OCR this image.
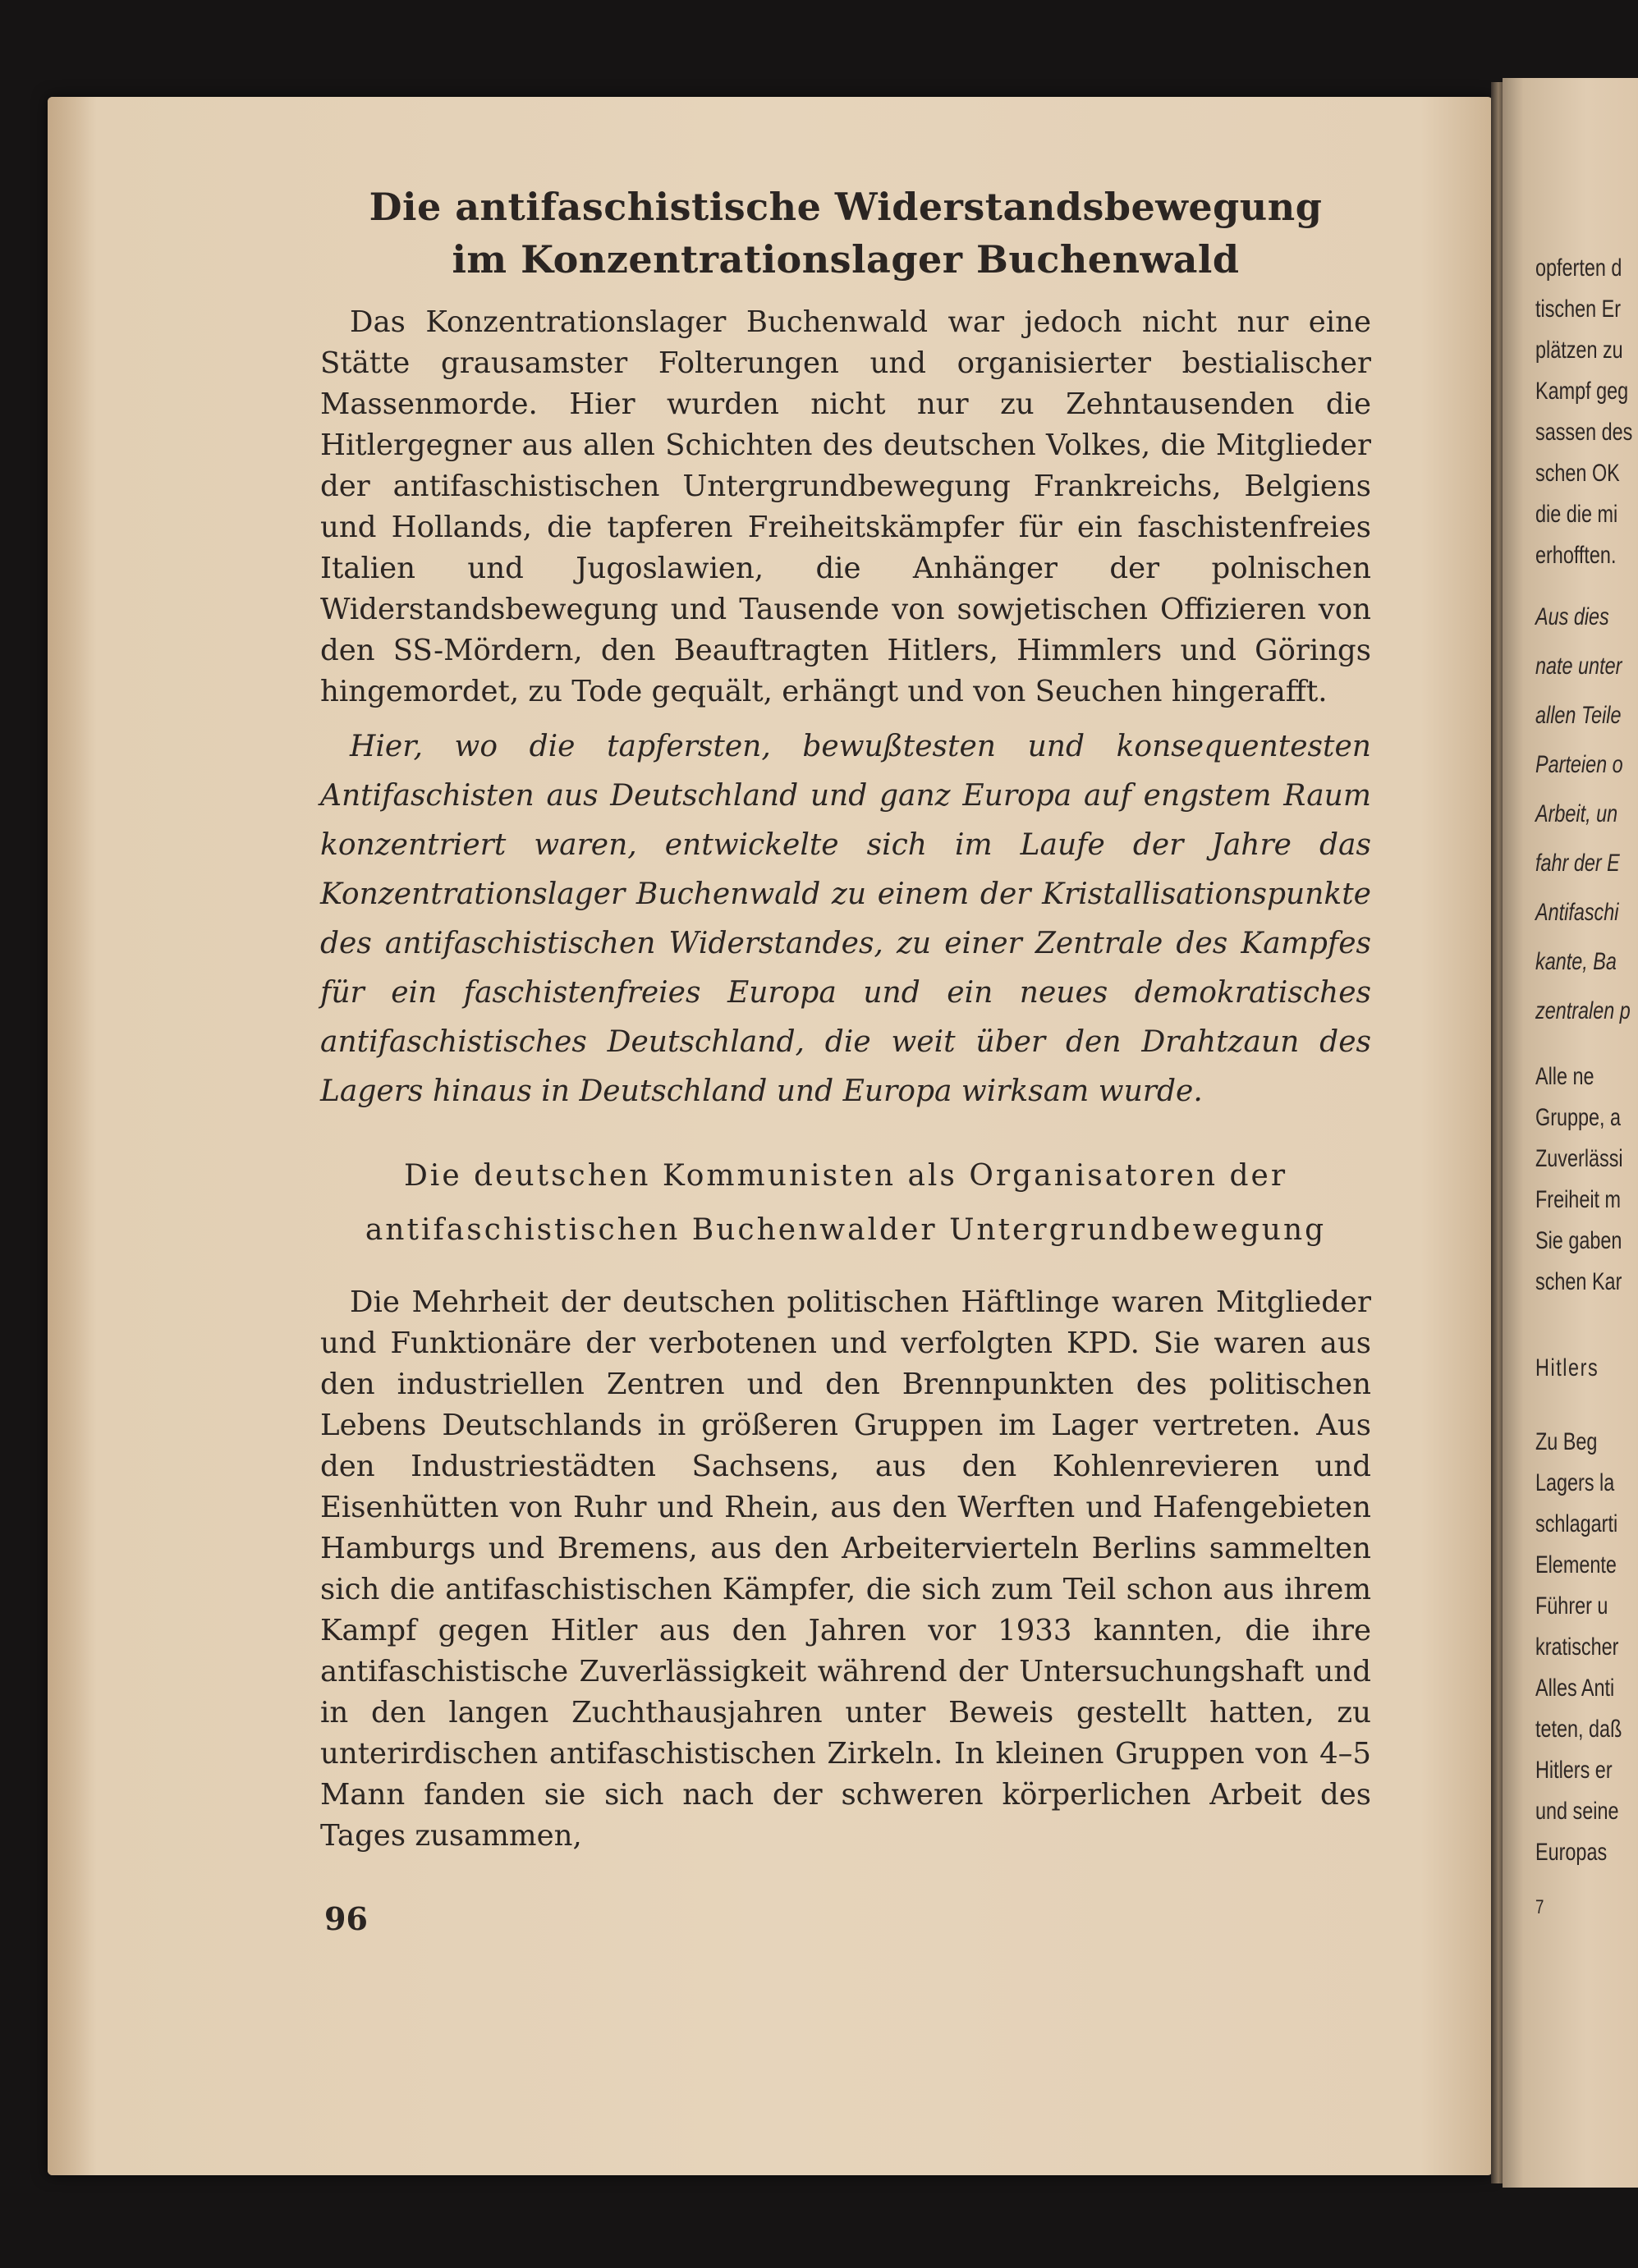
Die antifaschistische Widerstandsbewegung
im Konzentrationslager Buchenwald

Das Konzentrationslager Buchenwald war jedoch nicht nur eine Stätte grausamster Folterungen und organisierter bestialischer Massenmorde. Hier wurden nicht nur zu Zehntausenden die Hitlergegner aus allen Schichten des deutschen Volkes, die Mitglieder der antifaschistischen Untergrundbewegung Frankreichs, Belgiens und Hollands, die tapferen Freiheitskämpfer für ein faschistenfreies Italien und Jugoslawien, die Anhänger der polnischen Widerstandsbewegung und Tausende von sowjetischen Offizieren von den SS-Mördern, den Beauftragten Hitlers, Himmlers und Görings hingemordet, zu Tode gequält, erhängt und von Seuchen hingerafft.

Hier, wo die tapfersten, bewußtesten und konsequentesten Antifaschisten aus Deutschland und ganz Europa auf engstem Raum konzentriert waren, entwickelte sich im Laufe der Jahre das Konzentrationslager Buchenwald zu einem der Kristallisationspunkte des antifaschistischen Widerstandes, zu einer Zentrale des Kampfes für ein faschistenfreies Europa und ein neues demokratisches antifaschistisches Deutschland, die weit über den Drahtzaun des Lagers hinaus in Deutschland und Europa wirksam wurde.

Die deutschen Kommunisten als Organisatoren der
antifaschistischen Buchenwalder Untergrundbewegung

Die Mehrheit der deutschen politischen Häftlinge waren Mitglieder und Funktionäre der verbotenen und verfolgten KPD. Sie waren aus den industriellen Zentren und den Brennpunkten des politischen Lebens Deutschlands in größeren Gruppen im Lager vertreten. Aus den Industriestädten Sachsens, aus den Kohlenrevieren und Eisenhütten von Ruhr und Rhein, aus den Werften und Hafengebieten Hamburgs und Bremens, aus den Arbeitervierteln Berlins sammelten sich die antifaschistischen Kämpfer, die sich zum Teil schon aus ihrem Kampf gegen Hitler aus den Jahren vor 1933 kannten, die ihre antifaschistische Zuverlässigkeit während der Untersuchungshaft und in den langen Zuchthausjahren unter Beweis gestellt hatten, zu unterirdischen antifaschistischen Zirkeln. In kleinen Gruppen von 4–5 Mann fanden sie sich nach der schweren körperlichen Arbeit des Tages zusammen,

96
opferten d
tischen Er
plätzen zu
Kampf geg
sassen des
schen OK
die die mi
erhofften.
Aus dies
nate unter
allen Teile
Parteien o
Arbeit, un
fahr der E
Antifaschi
kante, Ba
zentralen p
Alle ne
Gruppe, a
Zuverlässi
Freiheit m
Sie gaben
schen Kar
Hitlers
Zu Beg
Lagers la
schlagarti
Elemente
Führer u
kratischer
Alles Anti
teten, daß
Hitlers er
und seine
Europas
7
